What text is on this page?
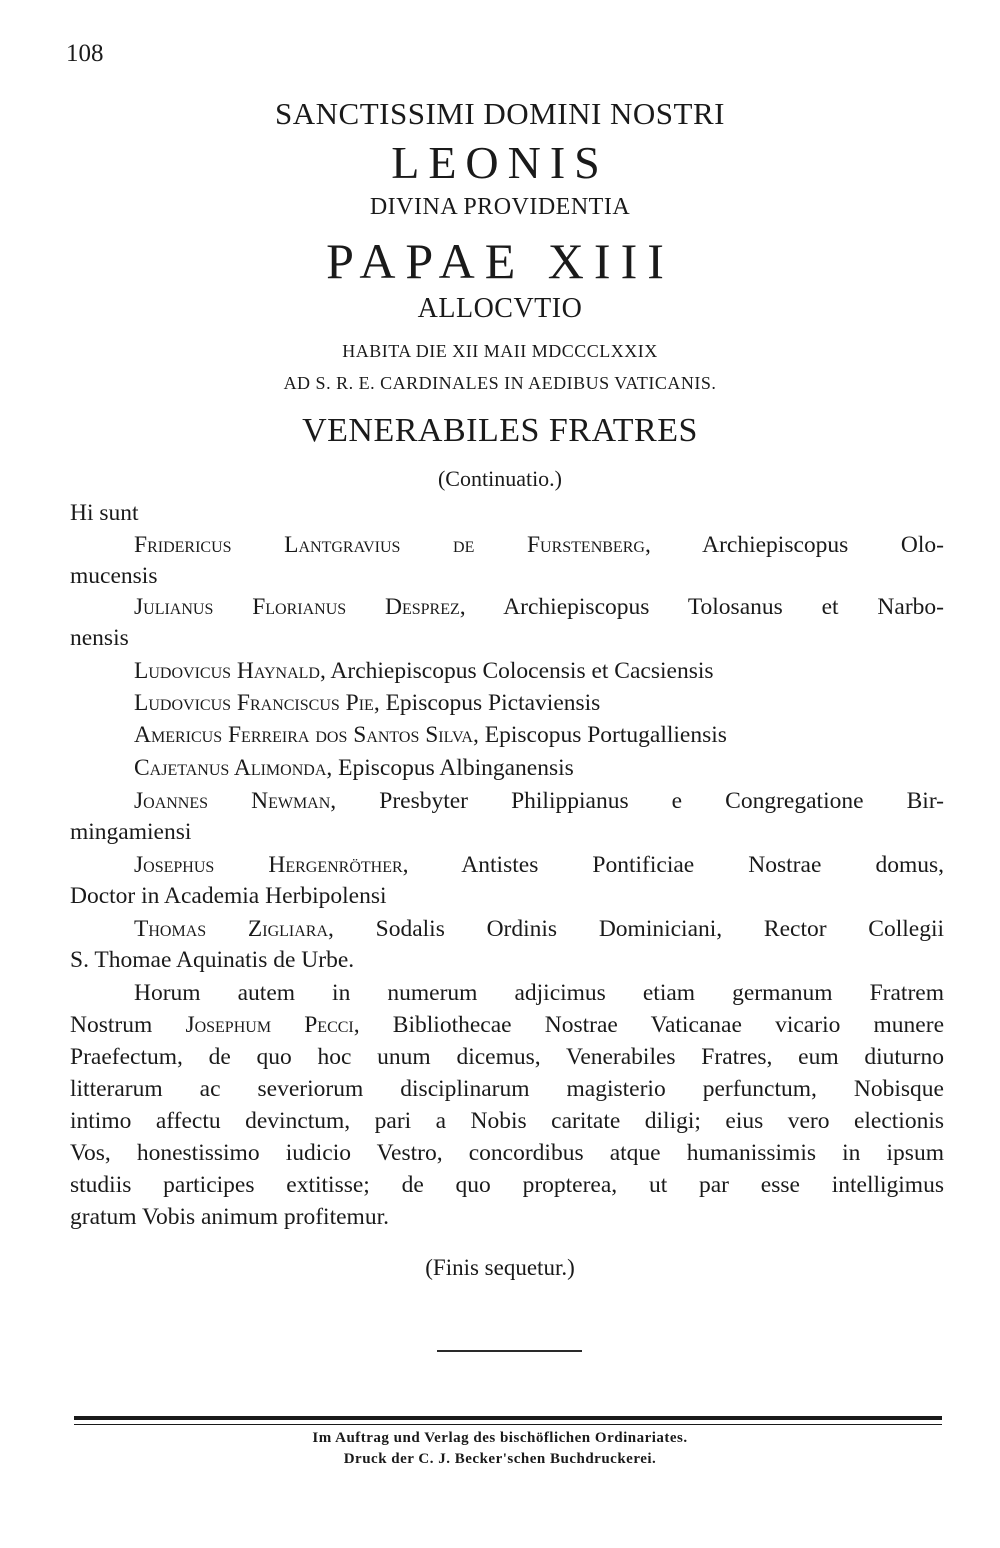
108
SANCTISSIMI DOMINI NOSTRI
LEONIS
DIVINA PROVIDENTIA
PAPAE XIII
ALLOCVTIO
HABITA DIE XII MAII MDCCCLXXIX
AD S. R. E. CARDINALES IN AEDIBUS VATICANIS.
VENERABILES FRATRES
(Continuatio.)
Hi sunt
Fridericus Lantgravius de Furstenberg, Archiepiscopus Olo-
mucensis
Julianus Florianus Desprez, Archiepiscopus Tolosanus et Narbo-
nensis
Ludovicus Haynald, Archiepiscopus Colocensis et Cacsiensis
Ludovicus Franciscus Pie, Episcopus Pictaviensis
Americus Ferreira dos Santos Silva, Episcopus Portugalliensis
Cajetanus Alimonda, Episcopus Albinganensis
Joannes Newman, Presbyter Philippianus e Congregatione Bir-
mingamiensi
Josephus Hergenröther, Antistes Pontificiae Nostrae domus,
Doctor in Academia Herbipolensi
Thomas Zigliara, Sodalis Ordinis Dominiciani, Rector Collegii
S. Thomae Aquinatis de Urbe.
Horum autem in numerum adjicimus etiam germanum Fratrem
Nostrum Josephum Pecci, Bibliothecae Nostrae Vaticanae vicario munere
Praefectum, de quo hoc unum dicemus, Venerabiles Fratres, eum diuturno
litterarum ac severiorum disciplinarum magisterio perfunctum, Nobisque
intimo affectu devinctum, pari a Nobis caritate diligi; eius vero electionis
Vos, honestissimo iudicio Vestro, concordibus atque humanissimis in ipsum
studiis participes extitisse; de quo propterea, ut par esse intelligimus
gratum Vobis animum profitemur.
(Finis sequetur.)
Im Auftrag und Verlag des bischöflichen Ordinariates.
Druck der C. J. Becker'schen Buchdruckerei.
